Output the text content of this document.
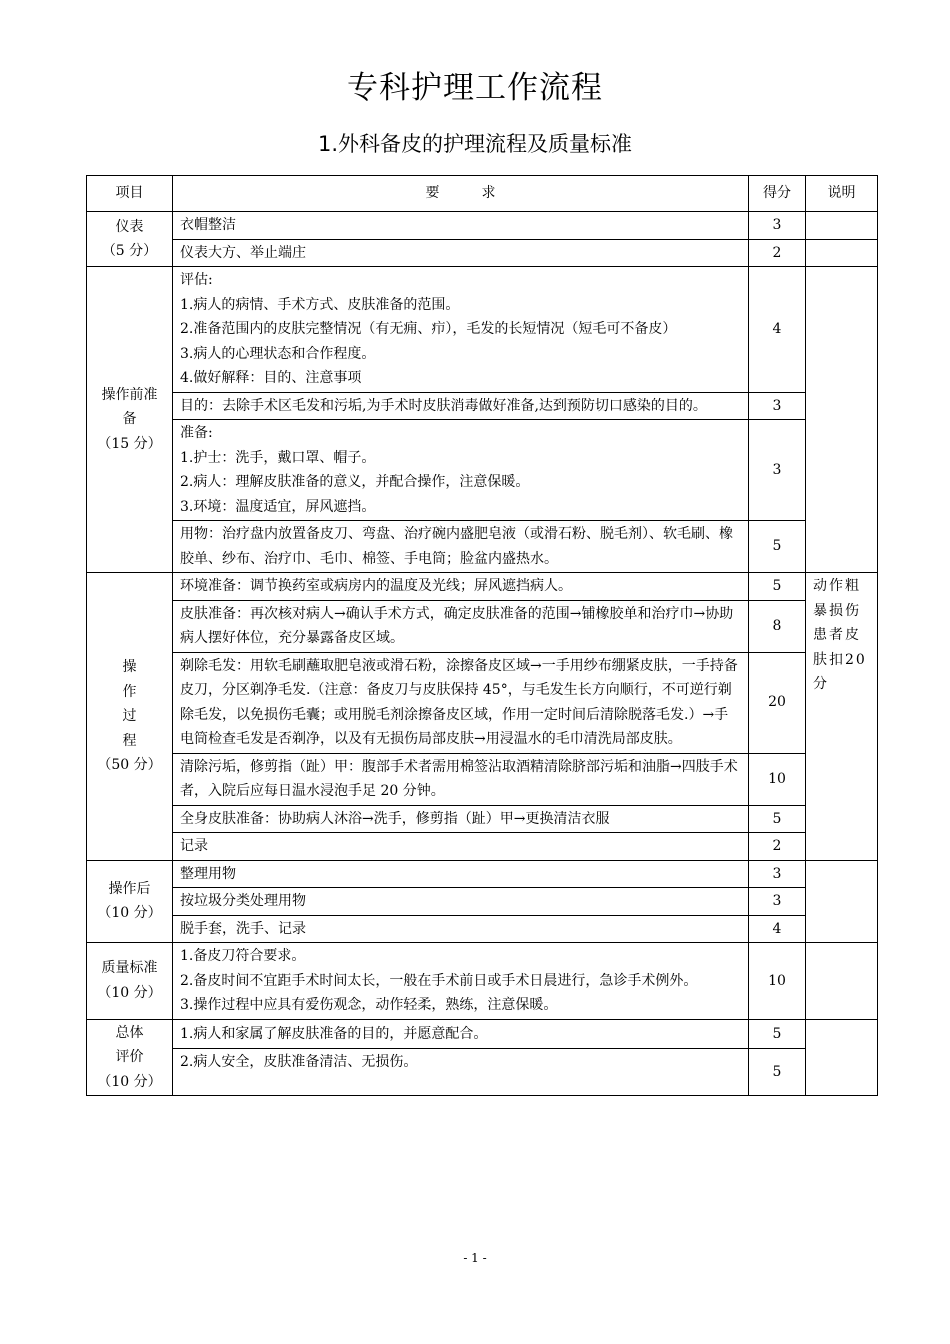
专科护理工作流程
1.外科备皮的护理流程及质量标准
项目	要　　　求	得分	说明

仪表
（5 分）	衣帽整洁	3	
	仪表大方、举止端庄	2	

操作前准
备
（15 分）	评估:
1.病人的病情、手术方式、皮肤准备的范围。
2.准备范围内的皮肤完整情况（有无痈、疖），毛发的长短情况（短毛可不备皮）
3.病人的心理状态和合作程度。
4.做好解释：目的、注意事项	4	
	目的：去除手术区毛发和污垢,为手术时皮肤消毒做好准备,达到预防切口感染的目的。	3	

	准备:
1.护士：洗手，戴口罩、帽子。
2.病人：理解皮肤准备的意义，并配合操作，注意保暖。
3.环境：温度适宜，屏风遮挡。	3	
	用物：治疗盘内放置备皮刀、弯盘、治疗碗内盛肥皂液（或滑石粉、脱毛剂）、软毛刷、橡胶单、纱布、治疗巾、毛巾、棉签、手电筒；脸盆内盛热水。	5	

操
作
过
程
（50 分）	环境准备：调节换药室或病房内的温度及光线；屏风遮挡病人。	5	动作粗暴损伤患者皮肤扣20分
	皮肤准备：再次核对病人→确认手术方式，确定皮肤准备的范围→铺橡胶单和治疗巾→协助病人摆好体位，充分暴露备皮区域。	8	
	剃除毛发：用软毛刷蘸取肥皂液或滑石粉，涂擦备皮区域→一手用纱布绷紧皮肤，一手持备皮刀，分区剃净毛发.（注意：备皮刀与皮肤保持 45°，与毛发生长方向顺行，不可逆行剃除毛发，以免损伤毛囊；或用脱毛剂涂擦备皮区域，作用一定时间后清除脱落毛发.）→手电筒检查毛发是否剃净，以及有无损伤局部皮肤→用浸温水的毛巾清洗局部皮肤。	20	
	清除污垢，修剪指（趾）甲：腹部手术者需用棉签沾取酒精清除脐部污垢和油脂→四肢手术者，入院后应每日温水浸泡手足 20 分钟。	10	
	全身皮肤准备：协助病人沐浴→洗手，修剪指（趾）甲→更换清洁衣服	5	
	记录	2	

操作后
（10 分）	整理用物	3	
	按垃圾分类处理用物	3	
	脱手套，洗手、记录	4	

质量标准
（10 分）	1.备皮刀符合要求。
2.备皮时间不宜距手术时间太长，一般在手术前日或手术日晨进行，急诊手术例外。
3.操作过程中应具有爱伤观念，动作轻柔，熟练，注意保暖。	10	

总体
评价
（10 分）	1.病人和家属了解皮肤准备的目的，并愿意配合。	5	
	2.病人安全，皮肤准备清洁、无损伤。	5	
- 1 -
